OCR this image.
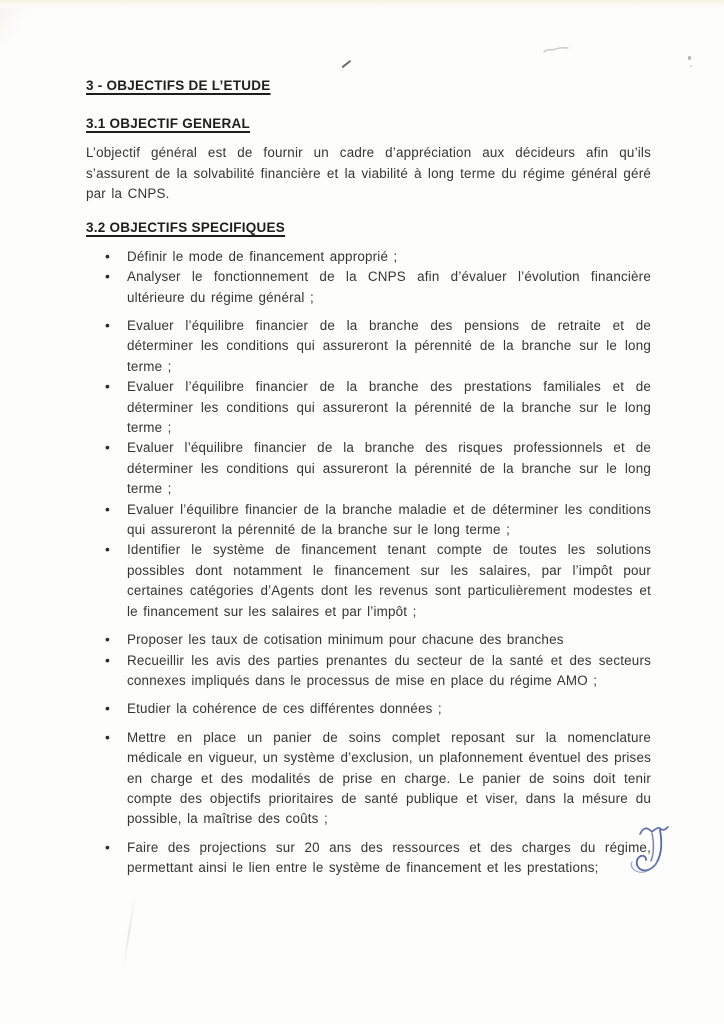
3 - OBJECTIFS DE L’ETUDE
3.1 OBJECTIF GENERAL

L’objectif général est de fournir un cadre d’appréciation aux décideurs afin qu’ils s’assurent de la solvabilité financière et la viabilité à long terme du régime général géré par la CNPS.

3.2 OBJECTIFS SPECIFIQUES
• Définir le mode de financement approprié ;
• Analyser le fonctionnement de la CNPS afin d’évaluer l’évolution financière ultérieure du régime général ;
• Evaluer l’équilibre financier de la branche des pensions de retraite et de déterminer les conditions qui assureront la pérennité de la branche sur le long terme ;
• Evaluer l’équilibre financier de la branche des prestations familiales et de déterminer les conditions qui assureront la pérennité de la branche sur le long terme ;
• Evaluer l’équilibre financier de la branche des risques professionnels et de déterminer les conditions qui assureront la pérennité de la branche sur le long terme ;
• Evaluer l’équilibre financier de la branche maladie et de déterminer les conditions qui assureront la pérennité de la branche sur le long terme ;
• Identifier le système de financement tenant compte de toutes les solutions possibles dont notamment le financement sur les salaires, par l’impôt pour certaines catégories d’Agents dont les revenus sont particulièrement modestes et le financement sur les salaires et par l’impôt ;
• Proposer les taux de cotisation minimum pour chacune des branches
• Recueillir les avis des parties prenantes du secteur de la santé et des secteurs connexes impliqués dans le processus de mise en place du régime AMO ;
• Etudier la cohérence de ces différentes données ;
• Mettre en place un panier de soins complet reposant sur la nomenclature médicale en vigueur, un système d’exclusion, un plafonnement éventuel des prises en charge et des modalités de prise en charge. Le panier de soins doit tenir compte des objectifs prioritaires de santé publique et viser, dans la mésure du possible, la maîtrise des coûts ;
• Faire des projections sur 20 ans des ressources et des charges du régime, permettant ainsi le lien entre le système de financement et les prestations;
